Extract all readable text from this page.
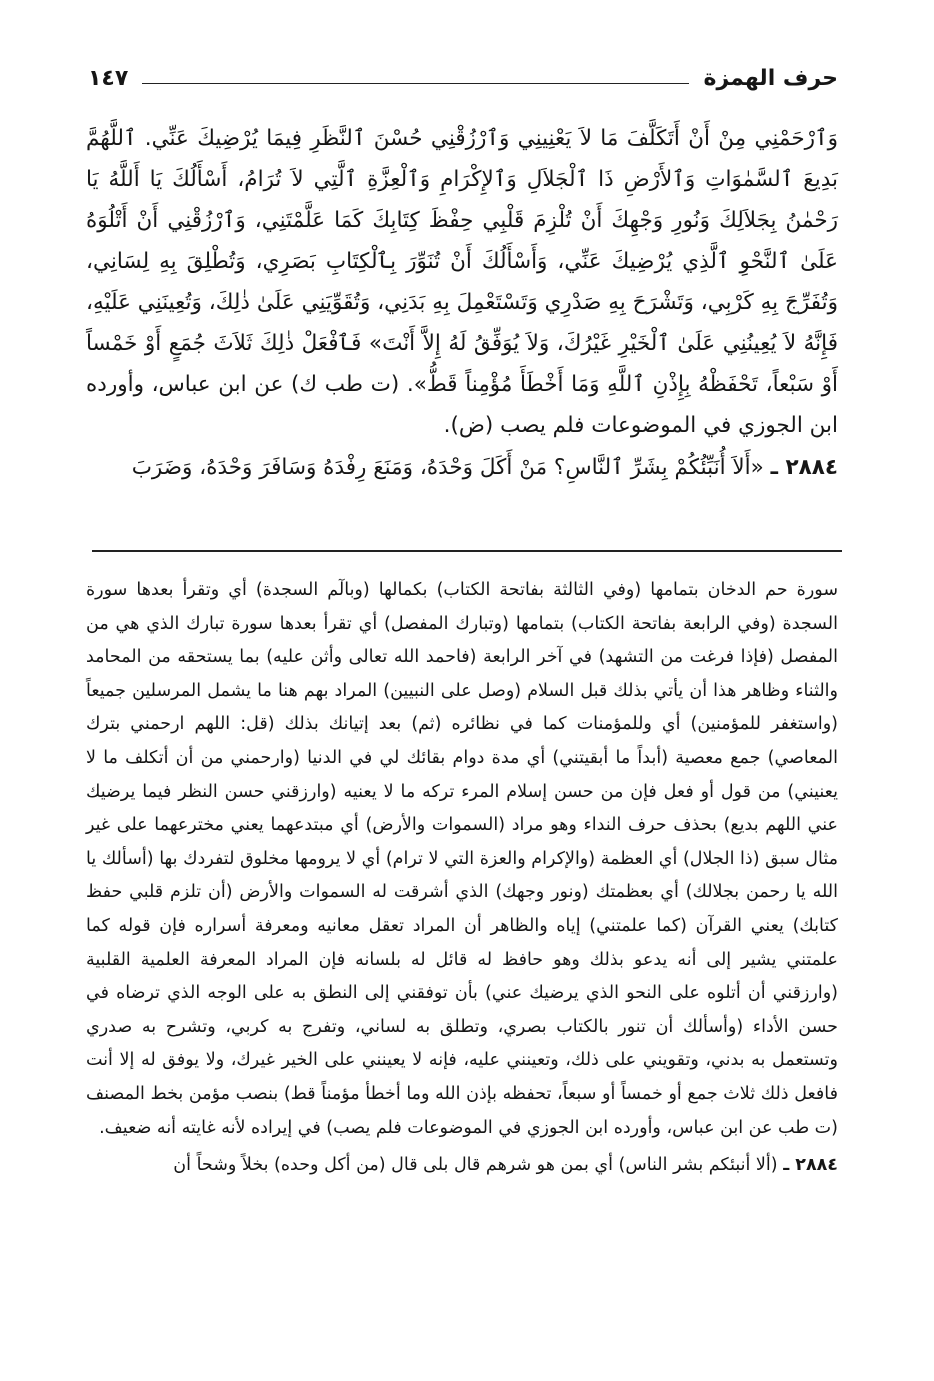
حرف الهمزة
١٤٧

وَٱرْحَمْنِي مِنْ أَنْ أَتَكَلَّفَ مَا لاَ يَعْنِينِي وَٱرْزُقْنِي حُسْنَ ٱلنَّظَرِ فِيمَا يُرْضِيكَ عَنِّي. ٱللَّهُمَّ بَدِيعَ ٱلسَّمٰوَاتِ وَٱلأَرْضِ ذَا ٱلْجَلاَلِ وَٱلإِكْرَامِ وَٱلْعِزَّةِ ٱلَّتِي لاَ تُرَامُ، أَسْأَلُكَ يَا أَللَّهُ يَا رَحْمٰنُ بِجَلاَلِكَ وَنُورِ وَجْهِكَ أَنْ تُلْزِمَ قَلْبِي حِفْظَ كِتَابِكَ كَمَا عَلَّمْتَنِي، وَٱرْزُقْنِي أَنْ أَتْلُوَهُ عَلَىٰ ٱلنَّحْوِ ٱلَّذِي يُرْضِيكَ عَنِّي، وَأَسْأَلُكَ أَنْ تُنَوِّرَ بِٱلْكِتَابِ بَصَرِي، وَتُطْلِقَ بِهِ لِسَانِي، وَتُفَرِّجَ بِهِ كَرْبِي، وَتَشْرَحَ بِهِ صَدْرِي وَتَسْتَعْمِلَ بِهِ بَدَنِي، وَتُقَوِّيَنِي عَلَىٰ ذٰلِكَ، وَتُعِينَنِي عَلَيْهِ، فَإِنَّهُ لاَ يُعِينُنِي عَلَىٰ ٱلْخَيْرِ غَيْرُكَ، وَلاَ يُوَفِّقُ لَهُ إِلاَّ أَنْتَ» فَٱفْعَلْ ذٰلِكَ ثَلاَثَ جُمَعٍ أَوْ خَمْساً أَوْ سَبْعاً، تَحْفَظْهُ بِإِذْنِ ٱللَّهِ وَمَا أَخْطَأَ مُؤْمِناً قَطُّ». (ت طب ك) عن ابن عباس، وأورده ابن الجوزي في الموضوعات فلم يصب (ض).

٢٨٨٤ ـ «أَلاَ أُنَبِّئُكُمْ بِشَرِّ ٱلنَّاسِ؟ مَنْ أَكَلَ وَحْدَهُ، وَمَنَعَ رِفْدَهُ وَسَافَرَ وَحْدَهُ، وَضَرَبَ

سورة حم الدخان بتمامها (وفي الثالثة بفاتحة الكتاب) بكمالها (وبالٓم السجدة) أي وتقرأ بعدها سورة السجدة (وفي الرابعة بفاتحة الكتاب) بتمامها (وتبارك المفصل) أي تقرأ بعدها سورة تبارك الذي هي من المفصل (فإذا فرغت من التشهد) في آخر الرابعة (فاحمد الله تعالى وأثن عليه) بما يستحقه من المحامد والثناء وظاهر هذا أن يأتي بذلك قبل السلام (وصل على النبيين) المراد بهم هنا ما يشمل المرسلين جميعاً (واستغفر للمؤمنين) أي وللمؤمنات كما في نظائره (ثم) بعد إتيانك بذلك (قل: اللهم ارحمني بترك المعاصي) جمع معصية (أبداً ما أبقيتني) أي مدة دوام بقائك لي في الدنيا (وارحمني من أن أتكلف ما لا يعنيني) من قول أو فعل فإن من حسن إسلام المرء تركه ما لا يعنيه (وارزقني حسن النظر فيما يرضيك عني اللهم بديع) بحذف حرف النداء وهو مراد (السموات والأرض) أي مبتدعهما يعني مخترعهما على غير مثال سبق (ذا الجلال) أي العظمة (والإكرام والعزة التي لا ترام) أي لا يرومها مخلوق لتفردك بها (أسألك يا الله يا رحمن بجلالك) أي بعظمتك (ونور وجهك) الذي أشرقت له السموات والأرض (أن تلزم قلبي حفظ كتابك) يعني القرآن (كما علمتني) إياه والظاهر أن المراد تعقل معانيه ومعرفة أسراره فإن قوله كما علمتني يشير إلى أنه يدعو بذلك وهو حافظ له قائل له بلسانه فإن المراد المعرفة العلمية القلبية (وارزقني أن أتلوه على النحو الذي يرضيك عني) بأن توفقني إلى النطق به على الوجه الذي ترضاه في حسن الأداء (وأسألك أن تنور بالكتاب بصري، وتطلق به لساني، وتفرج به كربي، وتشرح به صدري وتستعمل به بدني، وتقويني على ذلك، وتعينني عليه، فإنه لا يعينني على الخير غيرك، ولا يوفق له إلا أنت فافعل ذلك ثلاث جمع أو خمساً أو سبعاً، تحفظه بإذن الله وما أخطأ مؤمناً قط) بنصب مؤمن بخط المصنف (ت طب عن ابن عباس، وأورده ابن الجوزي في الموضوعات فلم يصب) في إيراده لأنه غايته أنه ضعيف.

٢٨٨٤ ـ (ألا أنبئكم بشر الناس) أي بمن هو شرهم قال بلى قال (من أكل وحده) بخلاً وشحاً أن
